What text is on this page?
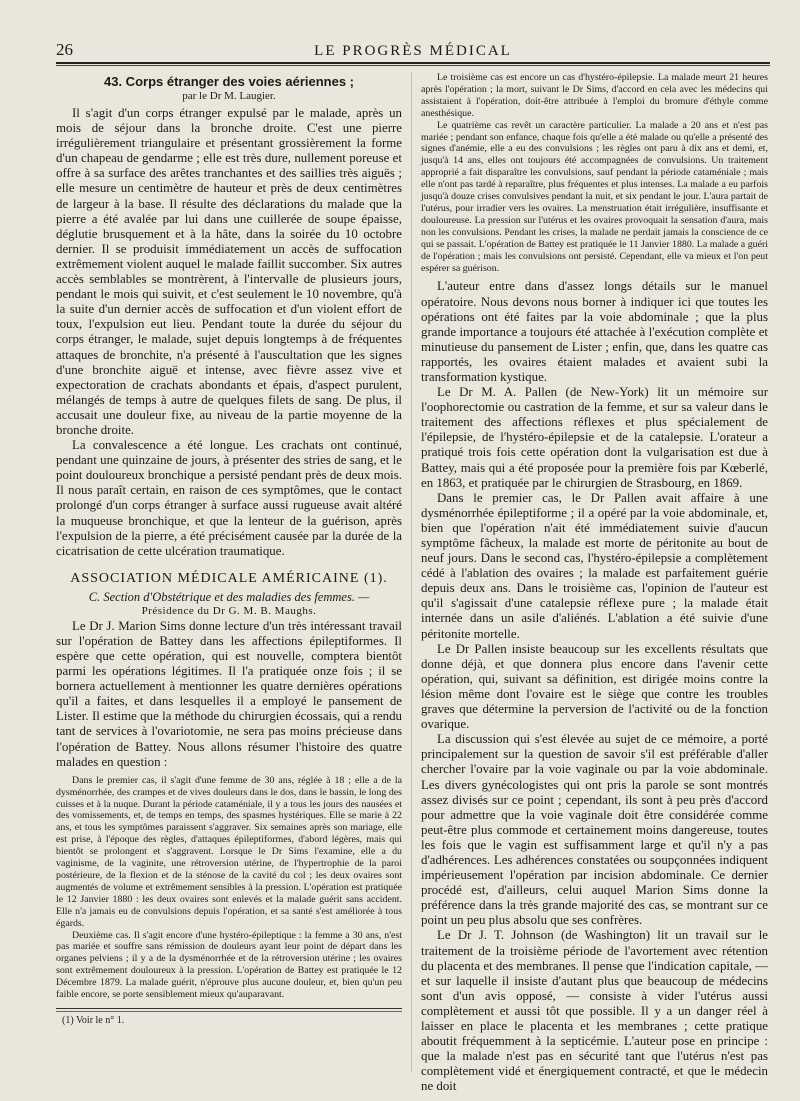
26	LE PROGRÈS MÉDICAL
43. Corps étranger des voies aériennes ;
par le Dr M. Laugier.

Il s'agit d'un corps étranger expulsé par le malade, après un mois de séjour dans la bronche droite. C'est une pierre irrégulièrement triangulaire et présentant grossièrement la forme d'un chapeau de gendarme ; elle est très dure, nullement poreuse et offre à sa surface des arêtes tranchantes et des saillies très aiguës ; elle mesure un centimètre de hauteur et près de deux centimètres de largeur à la base. Il résulte des déclarations du malade que la pierre a été avalée par lui dans une cuillerée de soupe épaisse, déglutie brusquement et à la hâte, dans la soirée du 10 octobre dernier. Il se produisit immédiatement un accès de suffocation extrêmement violent auquel le malade faillit succomber. Six autres accès semblables se montrèrent, à l'intervalle de plusieurs jours, pendant le mois qui suivit, et c'est seulement le 10 novembre, qu'à la suite d'un dernier accès de suffocation et d'un violent effort de toux, l'expulsion eut lieu. Pendant toute la durée du séjour du corps étranger, le malade, sujet depuis longtemps à de fréquentes attaques de bronchite, n'a présenté à l'auscultation que les signes d'une bronchite aiguë et intense, avec fièvre assez vive et expectoration de crachats abondants et épais, d'aspect purulent, mélangés de temps à autre de quelques filets de sang. De plus, il accusait une douleur fixe, au niveau de la partie moyenne de la bronche droite.

La convalescence a été longue. Les crachats ont continué, pendant une quinzaine de jours, à présenter des stries de sang, et le point douloureux bronchique a persisté pendant près de deux mois. Il nous paraît certain, en raison de ces symptômes, que le contact prolongé d'un corps étranger à surface aussi rugueuse avait altéré la muqueuse bronchique, et que la lenteur de la guérison, après l'expulsion de la pierre, a été précisément causée par la durée de la cicatrisation de cette ulcération traumatique.

ASSOCIATION MÉDICALE AMÉRICAINE (1).
C. Section d'Obstétrique et des maladies des femmes. —
Présidence du Dr G. M. B. Maughs.

Le Dr J. Marion Sims donne lecture d'un très intéressant travail sur l'opération de Battey dans les affections épileptiformes. Il espère que cette opération, qui est nouvelle, comptera bientôt parmi les opérations légitimes. Il l'a pratiquée onze fois ; il se bornera actuellement à mentionner les quatre dernières opérations qu'il a faites, et dans lesquelles il a employé le pansement de Lister. Il estime que la méthode du chirurgien écossais, qui a rendu tant de services à l'ovariotomie, ne sera pas moins précieuse dans l'opération de Battey. Nous allons résumer l'histoire des quatre malades en question :

Dans le premier cas, il s'agit d'une femme de 30 ans, réglée à 18 ; elle a de la dysménorrhée, des crampes et de vives douleurs dans le dos, dans le bassin, le long des cuisses et à la nuque. Durant la période cataméniale, il y a tous les jours des nausées et des vomissements, et, de temps en temps, des spasmes hystériques. Elle se marie à 22 ans, et tous les symptômes paraissent s'aggraver. Six semaines après son mariage, elle est prise, à l'époque des règles, d'attaques épileptiformes, d'abord légères, mais qui bientôt se prolongent et s'aggravent. Lorsque le Dr Sims l'examine, elle a du vaginisme, de la vaginite, une rétroversion utérine, de l'hypertrophie de la paroi postérieure, de la flexion et de la sténose de la cavité du col ; les deux ovaires sont augmentés de volume et extrêmement sensibles à la pression. L'opération est pratiquée le 12 Janvier 1880 : les deux ovaires sont enlevés et la malade guérit sans accident. Elle n'a jamais eu de convulsions depuis l'opération, et sa santé s'est améliorée à tous égards.

Deuxième cas. Il s'agit encore d'une hystéro-épileptique : la femme a 30 ans, n'est pas mariée et souffre sans rémission de douleurs ayant leur point de départ dans les organes pelviens ; il y a de la dysménorrhée et de la rétroversion utérine ; les ovaires sont extrêmement douloureux à la pression. L'opération de Battey est pratiquée le 12 Décembre 1879. La malade guérit, n'éprouve plus aucune douleur, et, bien qu'un peu faible encore, se porte sensiblement mieux qu'auparavant.

(1) Voir le n° 1.

Le troisième cas est encore un cas d'hystéro-épilepsie. La malade meurt 21 heures après l'opération ; la mort, suivant le Dr Sims, d'accord en cela avec les médecins qui assistaient à l'opération, doit-être attribuée à l'emploi du bromure d'éthyle comme anesthésique.

Le quatrième cas revêt un caractère particulier. La malade a 20 ans et n'est pas mariée ; pendant son enfance, chaque fois qu'elle a été malade ou qu'elle a présenté des signes d'anémie, elle a eu des convulsions ; les règles ont paru à dix ans et demi, et, jusqu'à 14 ans, elles ont toujours été accompagnées de convulsions. Un traitement approprié a fait disparaître les convulsions, sauf pendant la période cataméniale ; mais elle n'ont pas tardé à reparaître, plus fréquentes et plus intenses. La malade a eu parfois jusqu'à douze crises convulsives pendant la nuit, et six pendant le jour. L'aura partait de l'utérus, pour irradier vers les ovaires. La menstruation était irrégulière, insuffisante et douloureuse. La pression sur l'utérus et les ovaires provoquait la sensation d'aura, mais non les convulsions. Pendant les crises, la malade ne perdait jamais la conscience de ce qui se passait. L'opération de Battey est pratiquée le 11 Janvier 1880. La malade a guéri de l'opération ; mais les convulsions ont persisté. Cependant, elle va mieux et l'on peut espérer sa guérison.

L'auteur entre dans d'assez longs détails sur le manuel opératoire. Nous devons nous borner à indiquer ici que toutes les opérations ont été faites par la voie abdominale ; que la plus grande importance a toujours été attachée à l'exécution complète et minutieuse du pansement de Lister ; enfin, que, dans les quatre cas rapportés, les ovaires étaient malades et avaient subi la transformation kystique.

Le Dr M. A. Pallen (de New-York) lit un mémoire sur l'oophorectomie ou castration de la femme, et sur sa valeur dans le traitement des affections réflexes et plus spécialement de l'épilepsie, de l'hystéro-épilepsie et de la catalepsie. L'orateur a pratiqué trois fois cette opération dont la vulgarisation est due à Battey, mais qui a été proposée pour la première fois par Kœberlé, en 1863, et pratiquée par le chirurgien de Strasbourg, en 1869.

Dans le premier cas, le Dr Pallen avait affaire à une dysménorrhée épileptiforme ; il a opéré par la voie abdominale, et, bien que l'opération n'ait été immédiatement suivie d'aucun symptôme fâcheux, la malade est morte de péritonite au bout de neuf jours. Dans le second cas, l'hystéro-épilepsie a complètement cédé à l'ablation des ovaires ; la malade est parfaitement guérie depuis deux ans. Dans le troisième cas, l'opinion de l'auteur est qu'il s'agissait d'une catalepsie réflexe pure ; la malade était internée dans un asile d'aliénés. L'ablation a été suivie d'une péritonite mortelle.

Le Dr Pallen insiste beaucoup sur les excellents résultats que donne déjà, et que donnera plus encore dans l'avenir cette opération, qui, suivant sa définition, est dirigée moins contre la lésion même dont l'ovaire est le siège que contre les troubles graves que détermine la perversion de l'activité ou de la fonction ovarique.

La discussion qui s'est élevée au sujet de ce mémoire, a porté principalement sur la question de savoir s'il est préférable d'aller chercher l'ovaire par la voie vaginale ou par la voie abdominale. Les divers gynécologistes qui ont pris la parole se sont montrés assez divisés sur ce point ; cependant, ils sont à peu près d'accord pour admettre que la voie vaginale doit être considérée comme peut-être plus commode et certainement moins dangereuse, toutes les fois que le vagin est suffisamment large et qu'il n'y a pas d'adhérences. Les adhérences constatées ou soupçonnées indiquent impérieusement l'opération par incision abdominale. Ce dernier procédé est, d'ailleurs, celui auquel Marion Sims donne la préférence dans la très grande majorité des cas, se montrant sur ce point un peu plus absolu que ses confrères.

Le Dr J. T. Johnson (de Washington) lit un travail sur le traitement de la troisième période de l'avortement avec rétention du placenta et des membranes. Il pense que l'indication capitale, — et sur laquelle il insiste d'autant plus que beaucoup de médecins sont d'un avis opposé, — consiste à vider l'utérus aussi complètement et aussi tôt que possible. Il y a un danger réel à laisser en place le placenta et les membranes ; cette pratique aboutit fréquemment à la septicémie. L'auteur pose en principe : que la malade n'est pas en sécurité tant que l'utérus n'est pas complètement vidé et énergiquement contracté, et que le médecin ne doit
